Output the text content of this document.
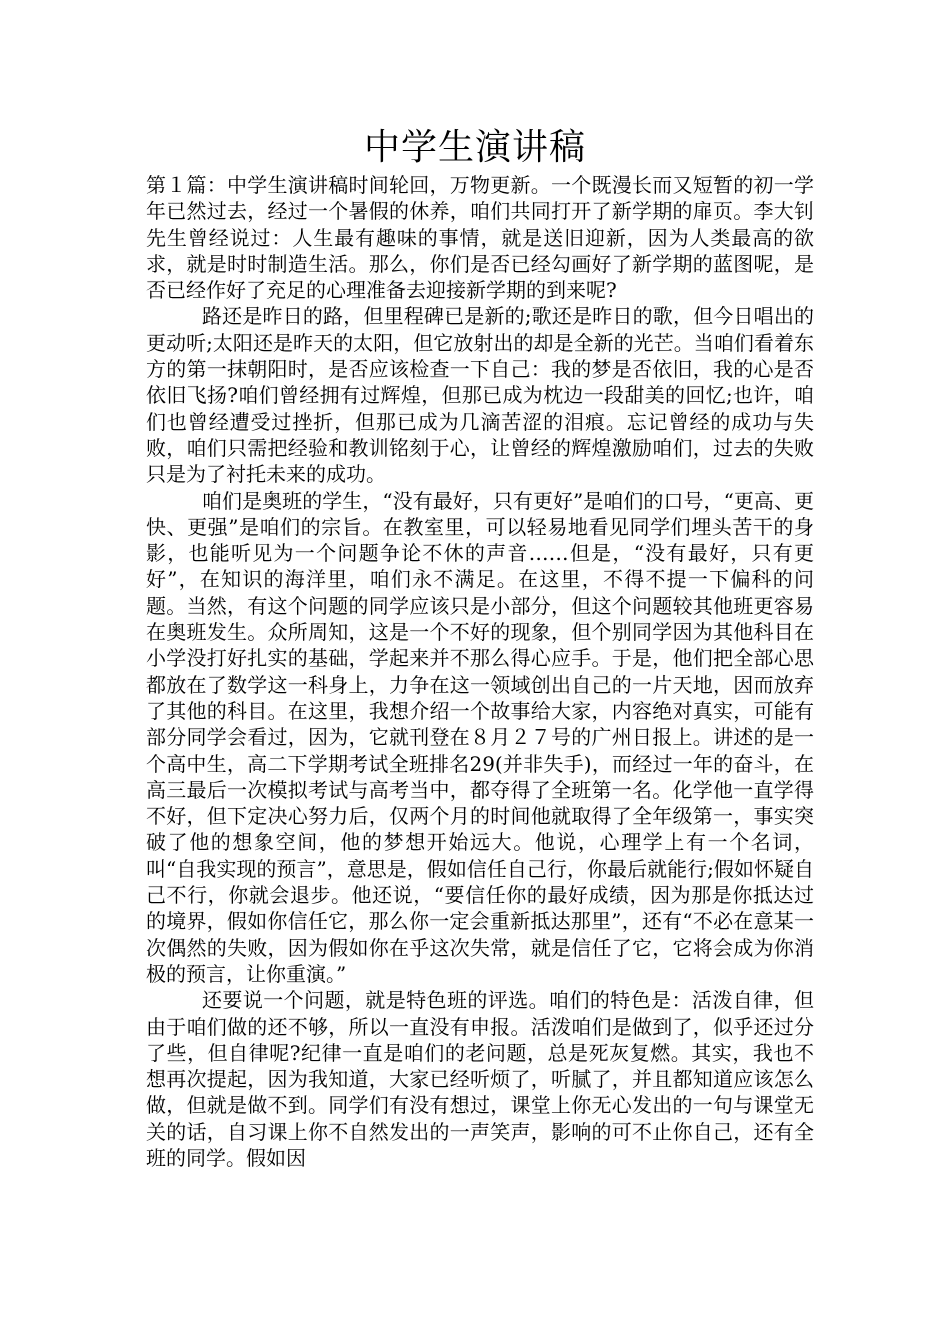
中学生演讲稿

第１篇：中学生演讲稿时间轮回，万物更新。一个既漫长而又短暂的初一学年已然过去，经过一个暑假的休养，咱们共同打开了新学期的扉页。李大钊先生曾经说过：人生最有趣味的事情，就是送旧迎新，因为人类最高的欲求，就是时时制造生活。那么，你们是否已经勾画好了新学期的蓝图呢，是否已经作好了充足的心理准备去迎接新学期的到来呢?

路还是昨日的路，但里程碑已是新的;歌还是昨日的歌，但今日唱出的更动听;太阳还是昨天的太阳，但它放射出的却是全新的光芒。当咱们看着东方的第一抹朝阳时，是否应该检查一下自己：我的梦是否依旧，我的心是否依旧飞扬?咱们曾经拥有过辉煌，但那已成为枕边一段甜美的回忆;也许，咱们也曾经遭受过挫折，但那已成为几滴苦涩的泪痕。忘记曾经的成功与失败，咱们只需把经验和教训铭刻于心，让曾经的辉煌激励咱们，过去的失败只是为了衬托未来的成功。

咱们是奥班的学生，“没有最好，只有更好”是咱们的口号，“更高、更快、更强”是咱们的宗旨。在教室里，可以轻易地看见同学们埋头苦干的身影，也能听见为一个问题争论不休的声音……但是，“没有最好，只有更好”，在知识的海洋里，咱们永不满足。在这里，不得不提一下偏科的问题。当然，有这个问题的同学应该只是小部分，但这个问题较其他班更容易在奥班发生。众所周知，这是一个不好的现象，但个别同学因为其他科目在小学没打好扎实的基础，学起来并不那么得心应手。于是，他们把全部心思都放在了数学这一科身上，力争在这一领域创出自己的一片天地，因而放弃了其他的科目。在这里，我想介绍一个故事给大家，内容绝对真实，可能有部分同学会看过，因为，它就刊登在８月２７号的广州日报上。讲述的是一个高中生，高二下学期考试全班排名29(并非失手)，而经过一年的奋斗，在高三最后一次模拟考试与高考当中，都夺得了全班第一名。化学他一直学得不好，但下定决心努力后，仅两个月的时间他就取得了全年级第一，事实突破了他的想象空间，他的梦想开始远大。他说，心理学上有一个名词，叫“自我实现的预言”，意思是，假如信任自己行，你最后就能行;假如怀疑自己不行，你就会退步。他还说，“要信任你的最好成绩，因为那是你抵达过的境界，假如你信任它，那么你一定会重新抵达那里”，还有“不必在意某一次偶然的失败，因为假如你在乎这次失常，就是信任了它，它将会成为你消极的预言，让你重演。”

还要说一个问题，就是特色班的评选。咱们的特色是：活泼自律，但由于咱们做的还不够，所以一直没有申报。活泼咱们是做到了，似乎还过分了些，但自律呢?纪律一直是咱们的老问题，总是死灰复燃。其实，我也不想再次提起，因为我知道，大家已经听烦了，听腻了，并且都知道应该怎么做，但就是做不到。同学们有没有想过，课堂上你无心发出的一句与课堂无关的话，自习课上你不自然发出的一声笑声，影响的可不止你自己，还有全班的同学。假如因
